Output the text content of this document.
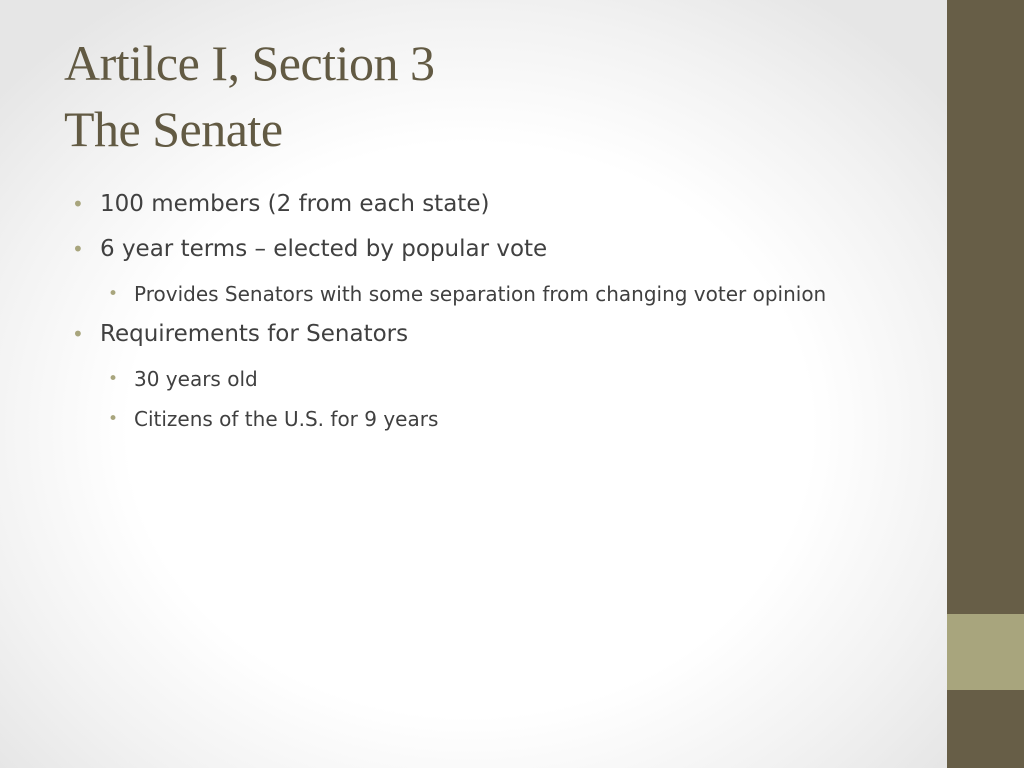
Artilce I, Section 3
The Senate
• 100 members (2 from each state)
• 6 year terms – elected by popular vote
• Provides Senators with some separation from changing voter opinion
• Requirements for Senators
• 30 years old
• Citizens of the U.S. for 9 years
